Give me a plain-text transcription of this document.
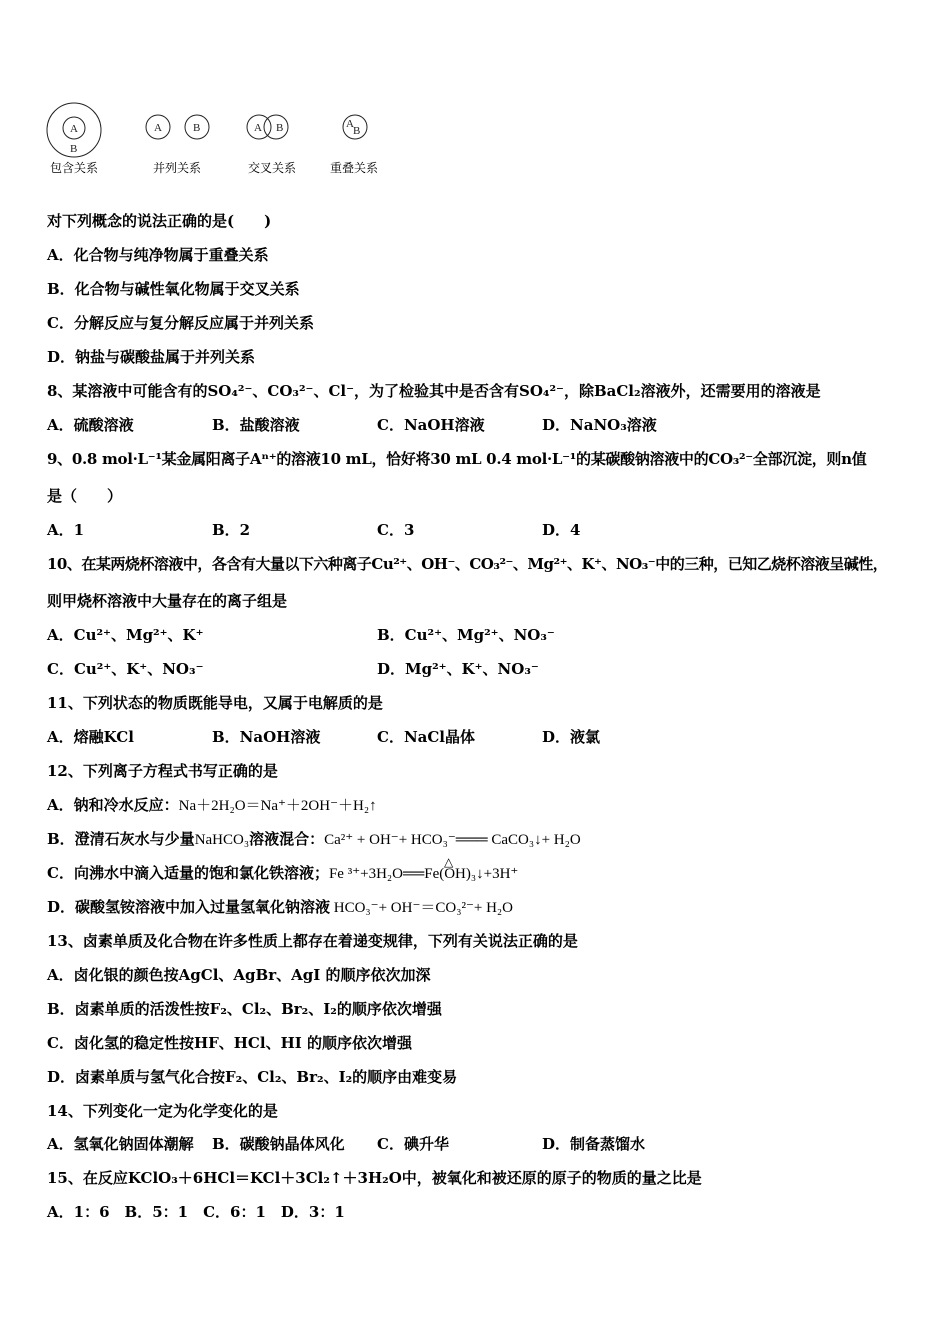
A
B
A	B	A B	A
B
包含关系	并列关系	交叉关系	重叠关系
对下列概念的说法正确的是(　　)
A．化合物与纯净物属于重叠关系
B．化合物与碱性氧化物属于交叉关系
C．分解反应与复分解反应属于并列关系
D．钠盐与碳酸盐属于并列关系
8、某溶液中可能含有的SO₄²⁻、CO₃²⁻、Cl⁻，为了检验其中是否含有SO₄²⁻，除BaCl₂溶液外，还需要用的溶液是
A．硫酸溶液	B．盐酸溶液	C．NaOH溶液	D．NaNO₃溶液
9、0.8 mol·L⁻¹某金属阳离子Aⁿ⁺的溶液10 mL，恰好将30 mL 0.4 mol·L⁻¹的某碳酸钠溶液中的CO₃²⁻全部沉淀，则n值
是（　　）
A．1	B．2	C．3	D．4
10、在某两烧杯溶液中，各含有大量以下六种离子Cu²⁺、OH⁻、CO₃²⁻、Mg²⁺、K⁺、NO₃⁻中的三种，已知乙烧杯溶液呈碱性，
则甲烧杯溶液中大量存在的离子组是
A．Cu²⁺、Mg²⁺、K⁺	B．Cu²⁺、Mg²⁺、NO₃⁻
C．Cu²⁺、K⁺、NO₃⁻	D．Mg²⁺、K⁺、NO₃⁻
11、下列状态的物质既能导电，又属于电解质的是
A．熔融KCl	B．NaOH溶液	C．NaCl晶体	D．液氯
12、下列离子方程式书写正确的是
A．钠和冷水反应：Na＋2H₂O＝Na⁺＋2OH⁻＋H₂↑
B．澄清石灰水与少量NaHCO₃溶液混合：Ca²⁺ + OH⁻+ HCO₃⁻═══ CaCO₃↓+ H₂O
C．向沸水中滴入适量的饱和氯化铁溶液；Fe ³⁺+3H₂O══Fe(OH)₃↓+3H⁺
△
D．碳酸氢铵溶液中加入过量氢氧化钠溶液 HCO₃⁻+ OH⁻＝CO₃²⁻+ H₂O
13、卤素单质及化合物在许多性质上都存在着递变规律，下列有关说法正确的是
A．卤化银的颜色按AgCl、AgBr、AgI 的顺序依次加深
B．卤素单质的活泼性按F₂、Cl₂、Br₂、I₂的顺序依次增强
C．卤化氢的稳定性按HF、HCl、HI 的顺序依次增强
D．卤素单质与氢气化合按F₂、Cl₂、Br₂、I₂的顺序由难变易
14、下列变化一定为化学变化的是
A．氢氧化钠固体潮解 B．碳酸钠晶体风化 C．碘升华	D．制备蒸馏水
15、在反应KClO₃＋6HCl＝KCl＋3Cl₂↑＋3H₂O中，被氧化和被还原的原子的物质的量之比是
A．1：6　B．5：1　C．6：1　D．3：1
